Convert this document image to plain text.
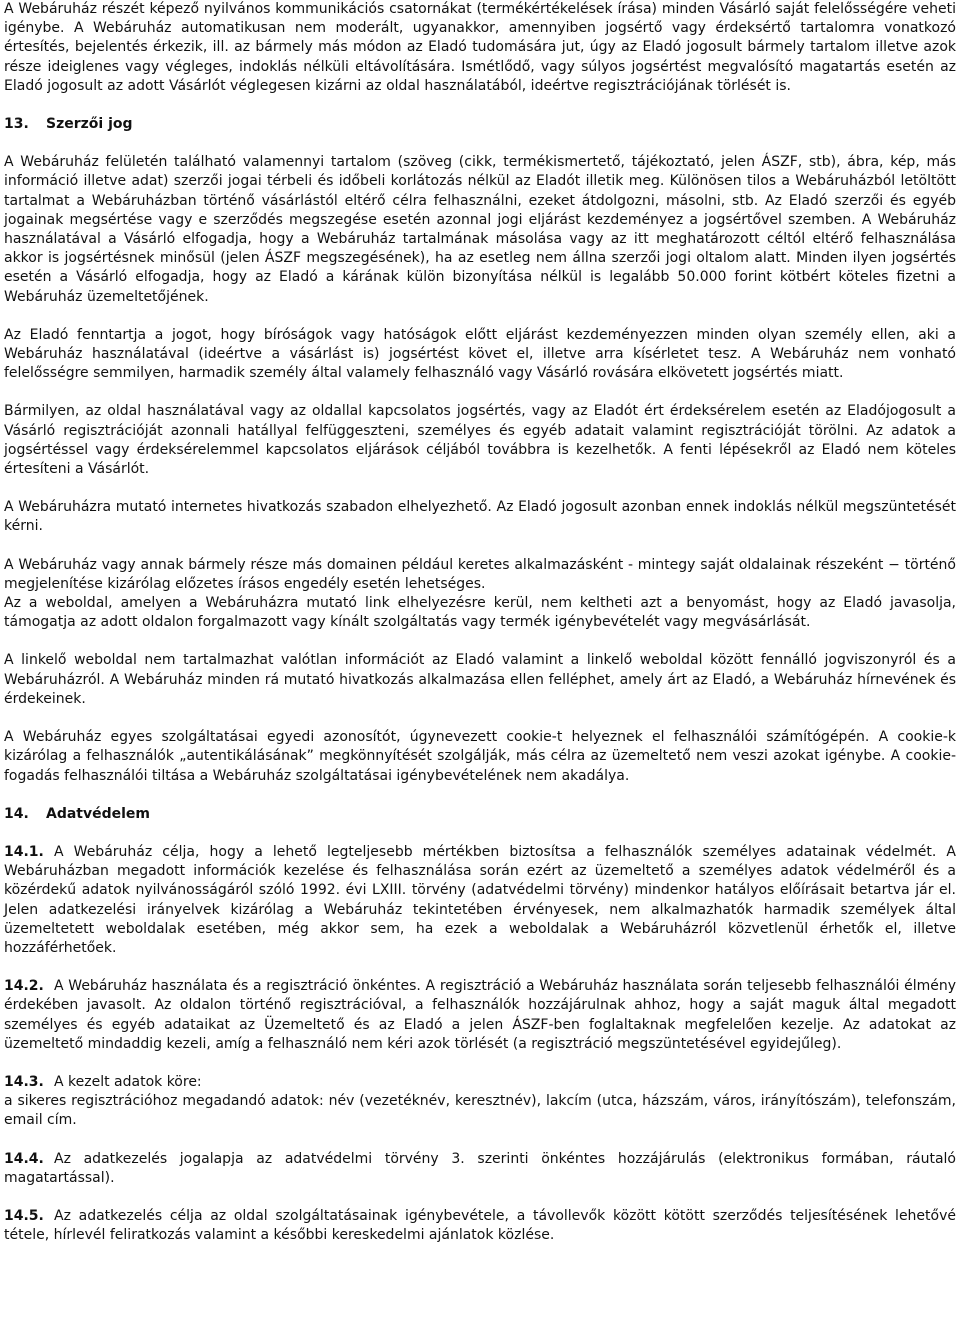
A Webáruház részét képező nyilvános kommunikációs csatornákat (termékértékelések írása) minden Vásárló saját felelősségére veheti igénybe. A Webáruház automatikusan nem moderált, ugyanakkor, amennyiben jogsértő vagy érdeksértő tartalomra vonatkozó értesítés, bejelentés érkezik, ill. az bármely más módon az Eladó tudomására jut, úgy az Eladó jogosult bármely tartalom illetve azok része ideiglenes vagy végleges, indoklás nélküli eltávolítására. Ismétlődő, vagy súlyos jogsértést megvalósító magatartás esetén az Eladó jogosult az adott Vásárlót véglegesen kizárni az oldal használatából, ideértve regisztrációjának törlését is.

13. Szerzői jog

A Webáruház felületén található valamennyi tartalom (szöveg (cikk, termékismertető, tájékoztató, jelen ÁSZF, stb), ábra, kép, más információ illetve adat) szerzői jogai térbeli és időbeli korlátozás nélkül az Eladót illetik meg. Különösen tilos a Webáruházból letöltött tartalmat a Webáruházban történő vásárlástól eltérő célra felhasználni, ezeket átdolgozni, másolni, stb. Az Eladó szerzői és egyéb jogainak megsértése vagy e szerződés megszegése esetén azonnal jogi eljárást kezdeményez a jogsértővel szemben. A Webáruház használatával a Vásárló elfogadja, hogy a Webáruház tartalmának másolása vagy az itt meghatározott céltól eltérő felhasználása akkor is jogsértésnek minősül (jelen ÁSZF megszegésének), ha az esetleg nem állna szerzői jogi oltalom alatt. Minden ilyen jogsértés esetén a Vásárló elfogadja, hogy az Eladó a kárának külön bizonyítása nélkül is legalább 50.000 forint kötbért köteles fizetni a Webáruház üzemeltetőjének.

Az Eladó fenntartja a jogot, hogy bíróságok vagy hatóságok előtt eljárást kezdeményezzen minden olyan személy ellen, aki a Webáruház használatával (ideértve a vásárlást is) jogsértést követ el, illetve arra kísérletet tesz. A Webáruház nem vonható felelősségre semmilyen, harmadik személy által valamely felhasználó vagy Vásárló rovására elkövetett jogsértés miatt.

Bármilyen, az oldal használatával vagy az oldallal kapcsolatos jogsértés, vagy az Eladót ért érdeksérelem esetén az Eladójogosult a Vásárló regisztrációját azonnali hatállyal felfüggeszteni, személyes és egyéb adatait valamint regisztrációját törölni. Az adatok a jogsértéssel vagy érdeksérelemmel kapcsolatos eljárások céljából továbbra is kezelhetők. A fenti lépésekről az Eladó nem köteles értesíteni a Vásárlót.

A Webáruházra mutató internetes hivatkozás szabadon elhelyezhető. Az Eladó jogosult azonban ennek indoklás nélkül megszüntetését kérni.

A Webáruház vagy annak bármely része más domainen például keretes alkalmazásként - mintegy saját oldalainak részeként − történő megjelenítése kizárólag előzetes írásos engedély esetén lehetséges.

Az a weboldal, amelyen a Webáruházra mutató link elhelyezésre kerül, nem keltheti azt a benyomást, hogy az Eladó javasolja, támogatja az adott oldalon forgalmazott vagy kínált szolgáltatás vagy termék igénybevételét vagy megvásárlását.

A linkelő weboldal nem tartalmazhat valótlan információt az Eladó valamint a linkelő weboldal között fennálló jogviszonyról és a Webáruházról. A Webáruház minden rá mutató hivatkozás alkalmazása ellen felléphet, amely árt az Eladó, a Webáruház hírnevének és érdekeinek.

A Webáruház egyes szolgáltatásai egyedi azonosítót, úgynevezett cookie-t helyeznek el felhasználói számítógépén. A cookie-k kizárólag a felhasználók „autentikálásának” megkönnyítését szolgálják, más célra az üzemeltető nem veszi azokat igénybe. A cookie-fogadás felhasználói tiltása a Webáruház szolgáltatásai igénybevételének nem akadálya.

14. Adatvédelem

14.1. A Webáruház célja, hogy a lehető legteljesebb mértékben biztosítsa a felhasználók személyes adatainak védelmét. A Webáruházban megadott információk kezelése és felhasználása során ezért az üzemeltető a személyes adatok védelméről és a közérdekű adatok nyilvánosságáról szóló 1992. évi LXIII. törvény (adatvédelmi törvény) mindenkor hatályos előírásait betartva jár el. Jelen adatkezelési irányelvek kizárólag a Webáruház tekintetében érvényesek, nem alkalmazhatók harmadik személyek által üzemeltetett weboldalak esetében, még akkor sem, ha ezek a weboldalak a Webáruházról közvetlenül érhetők el, illetve hozzáférhetőek.

14.2. A Webáruház használata és a regisztráció önkéntes. A regisztráció a Webáruház használata során teljesebb felhasználói élmény érdekében javasolt. Az oldalon történő regisztrációval, a felhasználók hozzájárulnak ahhoz, hogy a saját maguk által megadott személyes és egyéb adataikat az Üzemeltető és az Eladó a jelen ÁSZF-ben foglaltaknak megfelelően kezelje. Az adatokat az üzemeltető mindaddig kezeli, amíg a felhasználó nem kéri azok törlését (a regisztráció megszüntetésével egyidejűleg).

14.3. A kezelt adatok köre:

a sikeres regisztrációhoz megadandó adatok: név (vezetéknév, keresztnév), lakcím (utca, házszám, város, irányítószám), telefonszám, email cím.

14.4. Az adatkezelés jogalapja az adatvédelmi törvény 3. szerinti önkéntes hozzájárulás (elektronikus formában, ráutaló magatartással).

14.5. Az adatkezelés célja az oldal szolgáltatásainak igénybevétele, a távollevők között kötött szerződés teljesítésének lehetővé tétele, hírlevél feliratkozás valamint a későbbi kereskedelmi ajánlatok közlése.
